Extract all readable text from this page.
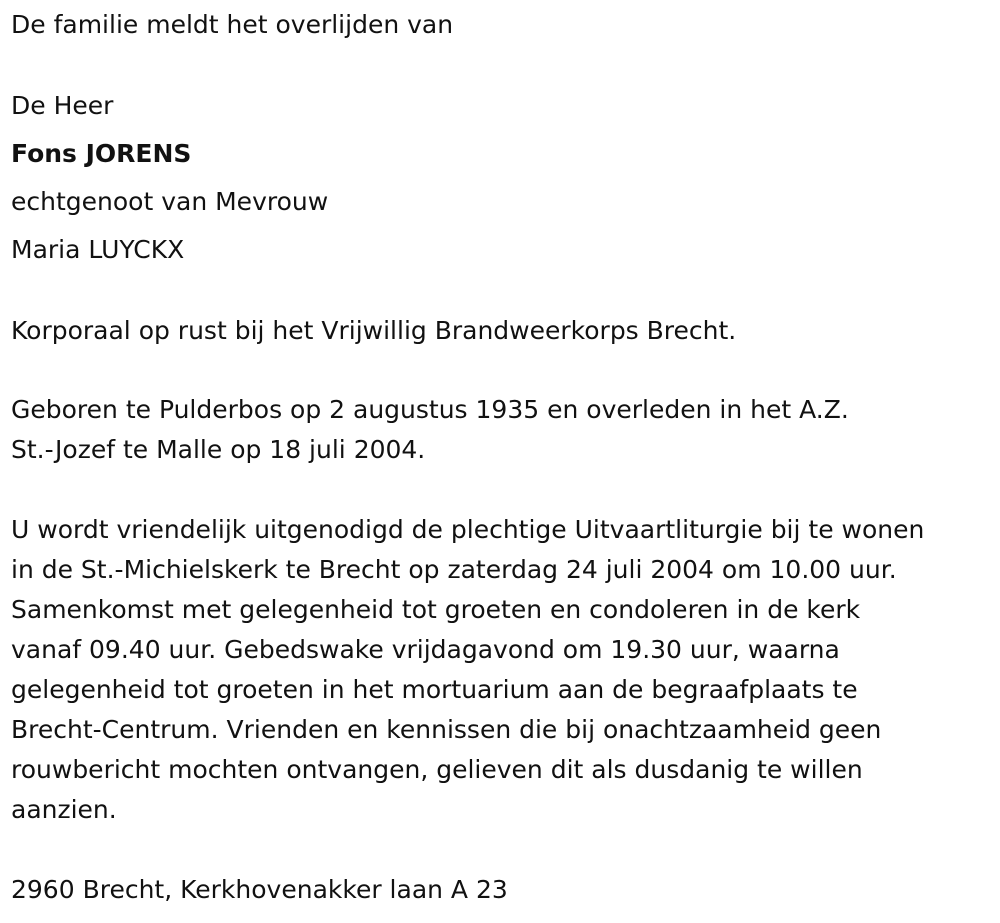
De familie meldt het overlijden van
De Heer
Fons JORENS
echtgenoot van Mevrouw
Maria LUYCKX
Korporaal op rust bij het Vrijwillig Brandweerkorps Brecht.
Geboren te Pulderbos op 2 augustus 1935 en overleden in het A.Z.
St.-Jozef te Malle op 18 juli 2004.
U wordt vriendelijk uitgenodigd de plechtige Uitvaartliturgie bij te wonen
in de St.-Michielskerk te Brecht op zaterdag 24 juli 2004 om 10.00 uur.
Samenkomst met gelegenheid tot groeten en condoleren in de kerk
vanaf 09.40 uur. Gebedswake vrijdagavond om 19.30 uur, waarna
gelegenheid tot groeten in het mortuarium aan de begraafplaats te
Brecht-Centrum. Vrienden en kennissen die bij onachtzaamheid geen
rouwbericht mochten ontvangen, gelieven dit als dusdanig te willen
aanzien.
2960 Brecht, Kerkhovenakker laan A 23
